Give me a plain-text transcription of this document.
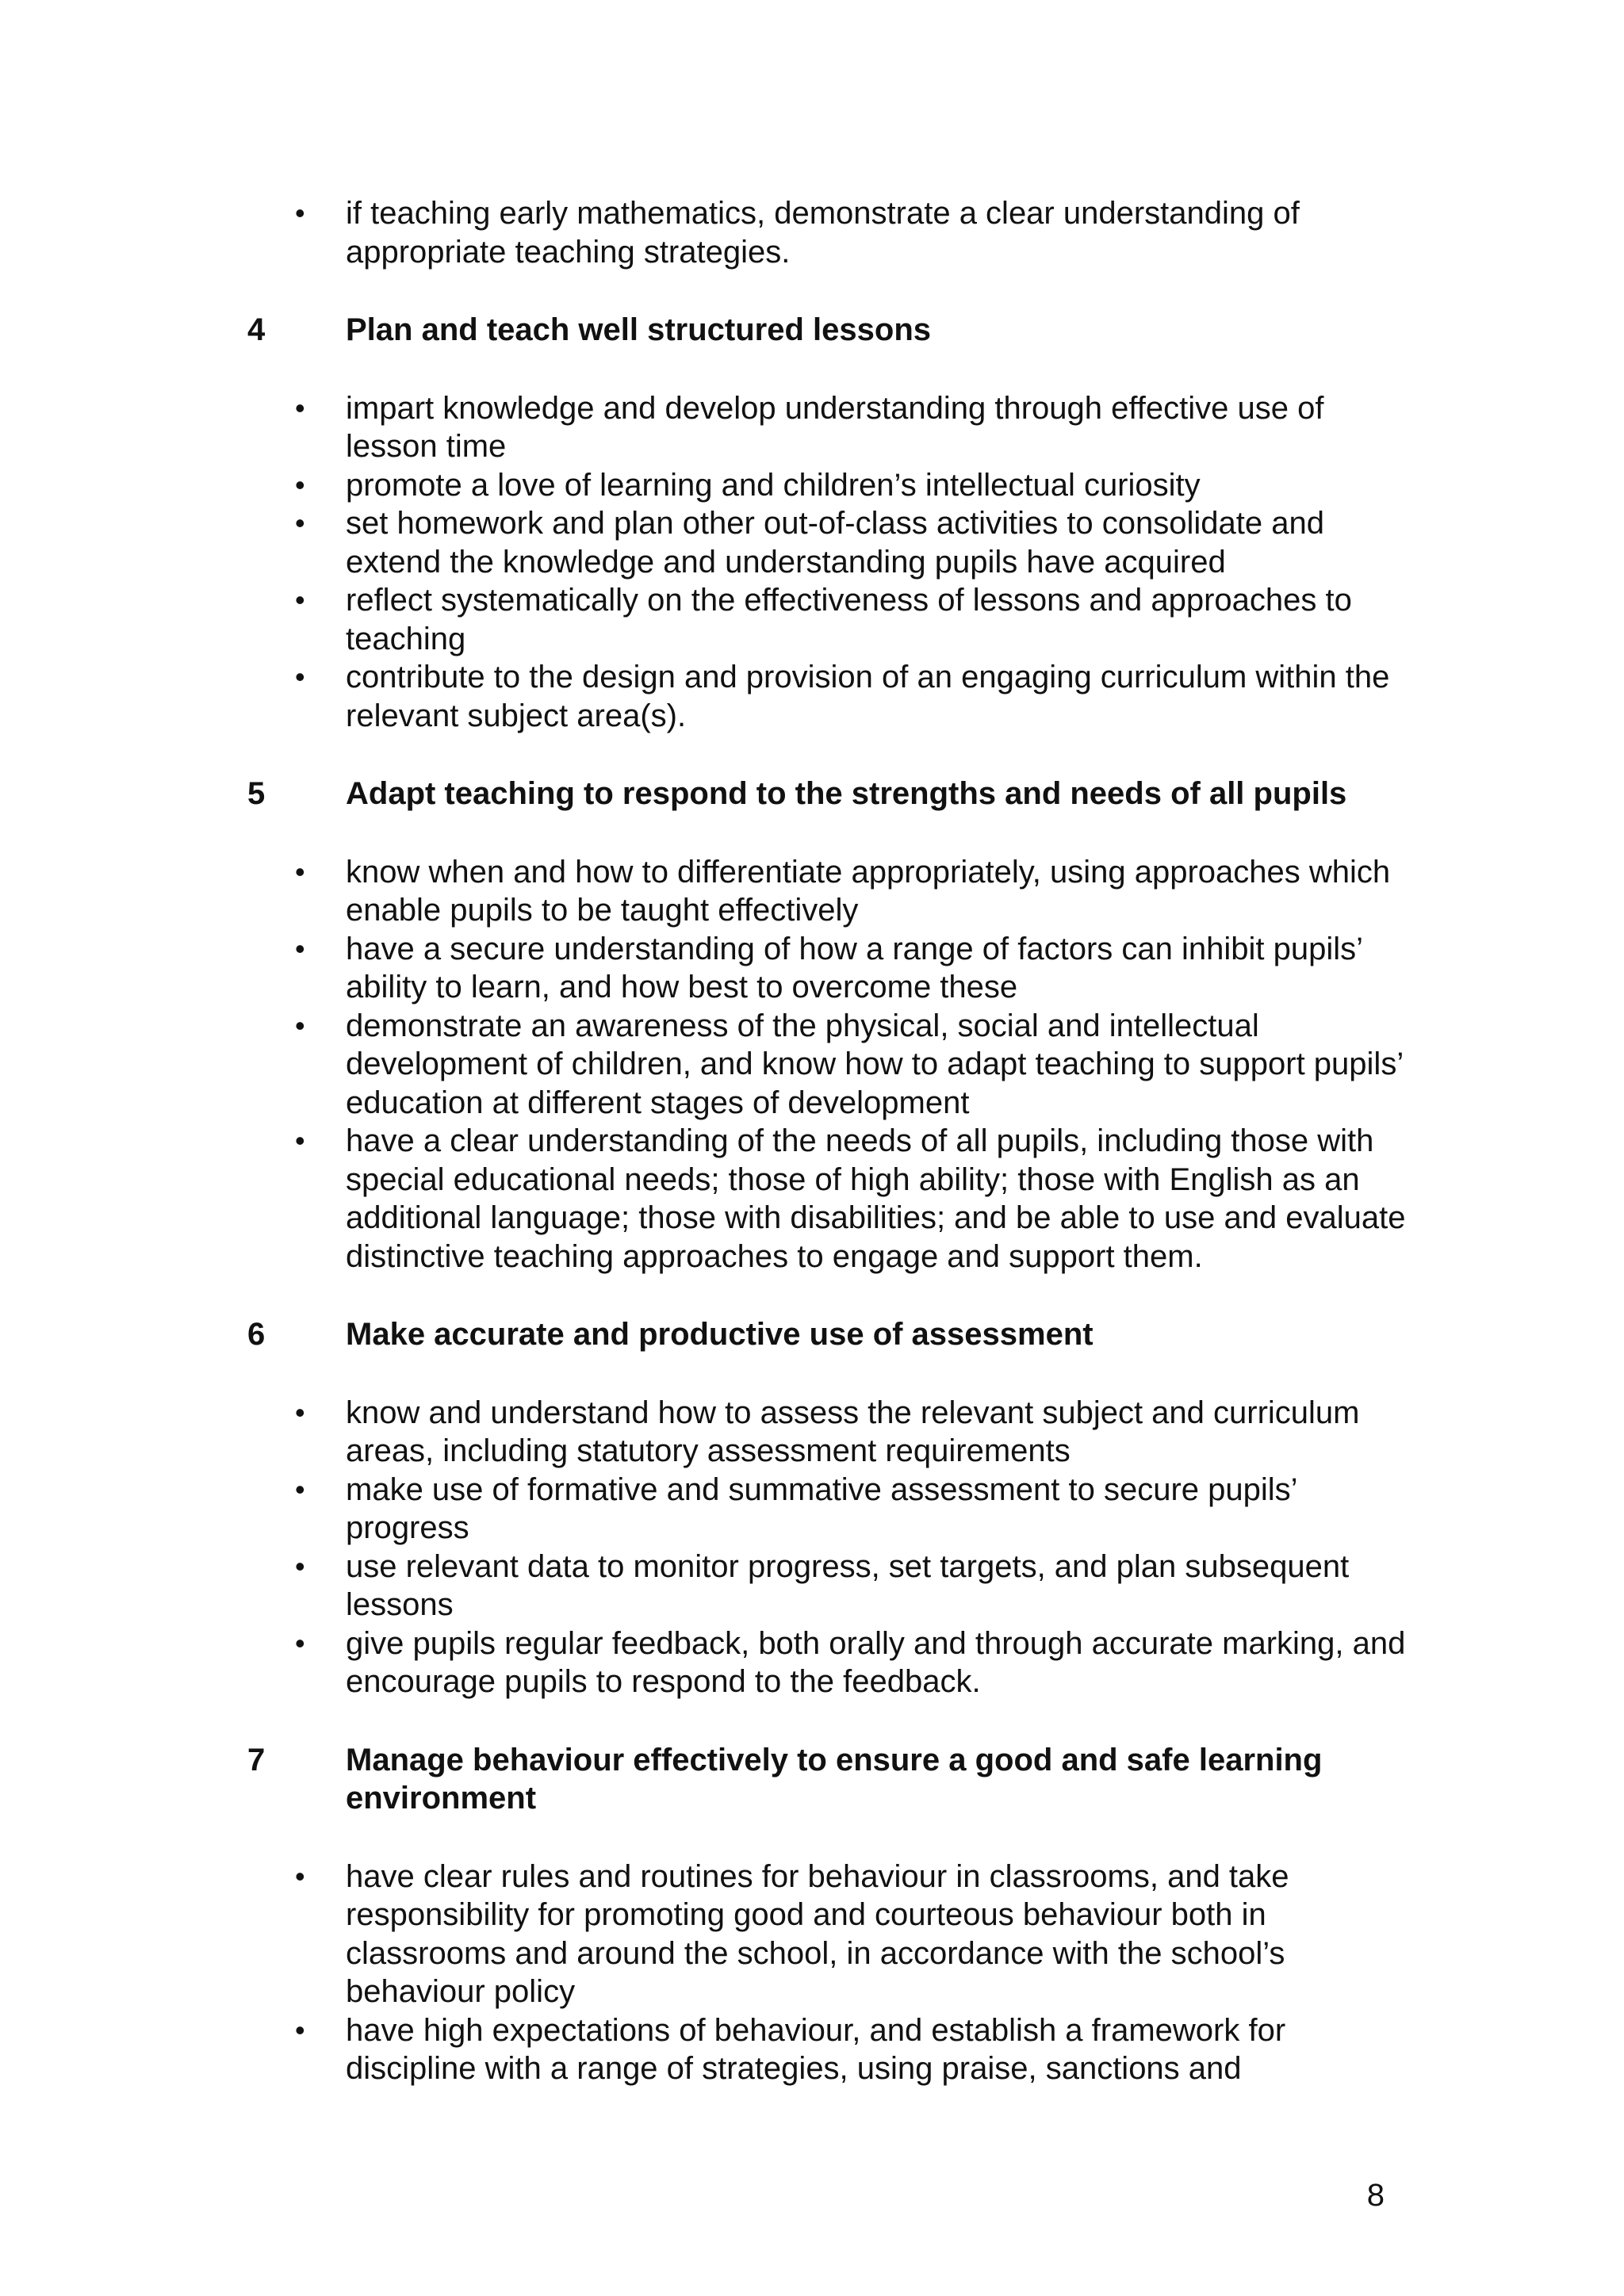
• if teaching early mathematics, demonstrate a clear understanding of appropriate teaching strategies.
4	Plan and teach well structured lessons
• impart knowledge and develop understanding through effective use of lesson time
• promote a love of learning and children’s intellectual curiosity
• set homework and plan other out-of-class activities to consolidate and extend the knowledge and understanding pupils have acquired
• reflect systematically on the effectiveness of lessons and approaches to teaching
• contribute to the design and provision of an engaging curriculum within the relevant subject area(s).
5	Adapt teaching to respond to the strengths and needs of all pupils
• know when and how to differentiate appropriately, using approaches which enable pupils to be taught effectively
• have a secure understanding of how a range of factors can inhibit pupils’ ability to learn, and how best to overcome these
• demonstrate an awareness of the physical, social and intellectual development of children, and know how to adapt teaching to support pupils’ education at different stages of development
• have a clear understanding of the needs of all pupils, including those with special educational needs; those of high ability; those with English as an additional language; those with disabilities; and be able to use and evaluate distinctive teaching approaches to engage and support them.
6	Make accurate and productive use of assessment
• know and understand how to assess the relevant subject and curriculum areas, including statutory assessment requirements
• make use of formative and summative assessment to secure pupils’ progress
• use relevant data to monitor progress, set targets, and plan subsequent lessons
• give pupils regular feedback, both orally and through accurate marking, and encourage pupils to respond to the feedback.
7	Manage behaviour effectively to ensure a good and safe learning environment
• have clear rules and routines for behaviour in classrooms, and take responsibility for promoting good and courteous behaviour both in classrooms and around the school, in accordance with the school’s behaviour policy
• have high expectations of behaviour, and establish a framework for discipline with a range of strategies, using praise, sanctions and
8
